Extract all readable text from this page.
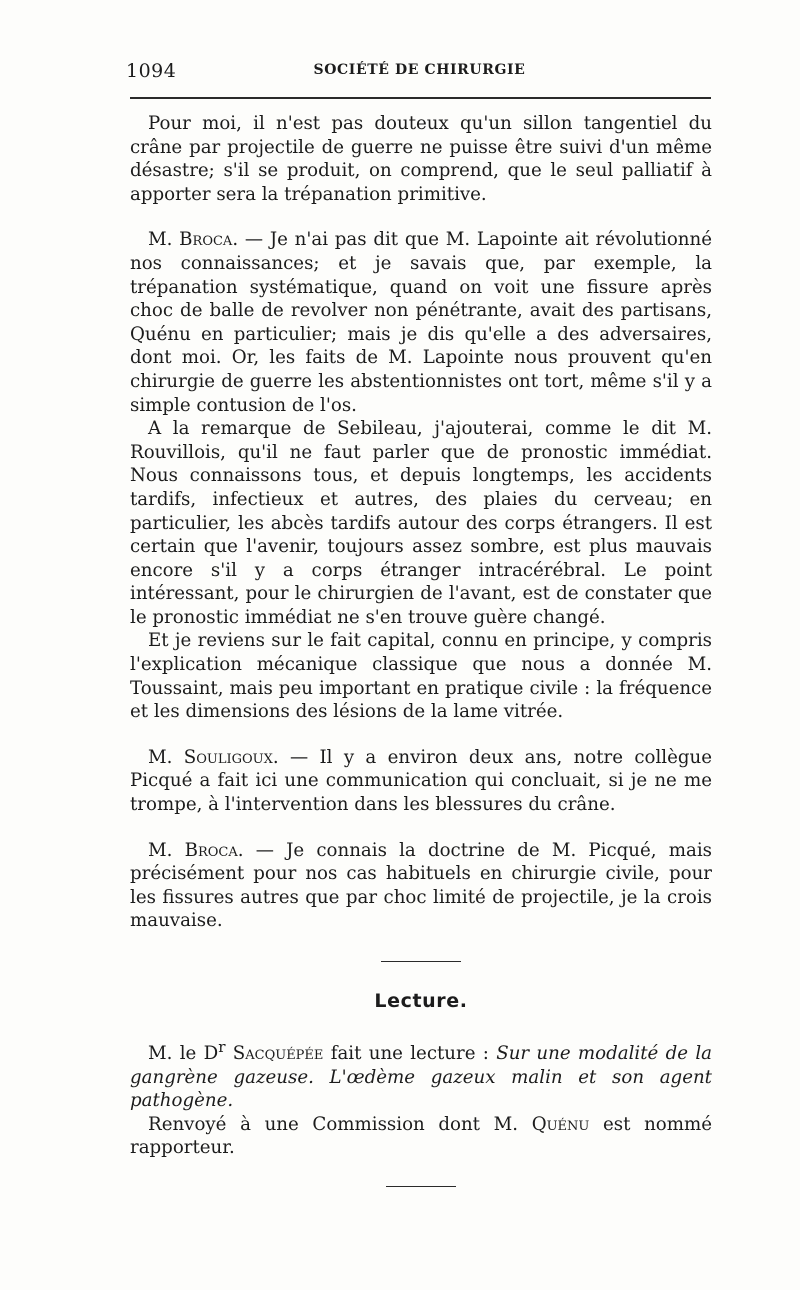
1094	SOCIÉTÉ DE CHIRURGIE

Pour moi, il n'est pas douteux qu'un sillon tangentiel du crâne par projectile de guerre ne puisse être suivi d'un même désastre; s'il se produit, on comprend, que le seul palliatif à apporter sera la trépanation primitive.

M. Broca. — Je n'ai pas dit que M. Lapointe ait révolutionné nos connaissances; et je savais que, par exemple, la trépanation systématique, quand on voit une fissure après choc de balle de revolver non pénétrante, avait des partisans, Quénu en particulier; mais je dis qu'elle a des adversaires, dont moi. Or, les faits de M. Lapointe nous prouvent qu'en chirurgie de guerre les abstentionnistes ont tort, même s'il y a simple contusion de l'os.

A la remarque de Sebileau, j'ajouterai, comme le dit M. Rouvillois, qu'il ne faut parler que de pronostic immédiat. Nous connaissons tous, et depuis longtemps, les accidents tardifs, infectieux et autres, des plaies du cerveau; en particulier, les abcès tardifs autour des corps étrangers. Il est certain que l'avenir, toujours assez sombre, est plus mauvais encore s'il y a corps étranger intracérébral. Le point intéressant, pour le chirurgien de l'avant, est de constater que le pronostic immédiat ne s'en trouve guère changé.

Et je reviens sur le fait capital, connu en principe, y compris l'explication mécanique classique que nous a donnée M. Toussaint, mais peu important en pratique civile : la fréquence et les dimensions des lésions de la lame vitrée.

M. Souligoux. — Il y a environ deux ans, notre collègue Picqué a fait ici une communication qui concluait, si je ne me trompe, à l'intervention dans les blessures du crâne.

M. Broca. — Je connais la doctrine de M. Picqué, mais précisément pour nos cas habituels en chirurgie civile, pour les fissures autres que par choc limité de projectile, je la crois mauvaise.

Lecture.

M. le $D^r$ Sacquépée fait une lecture : Sur une modalité de la gangrène gazeuse. L'œdème gazeux malin et son agent pathogène.

Renvoyé à une Commission dont M. Quénu est nommé rapporteur.
